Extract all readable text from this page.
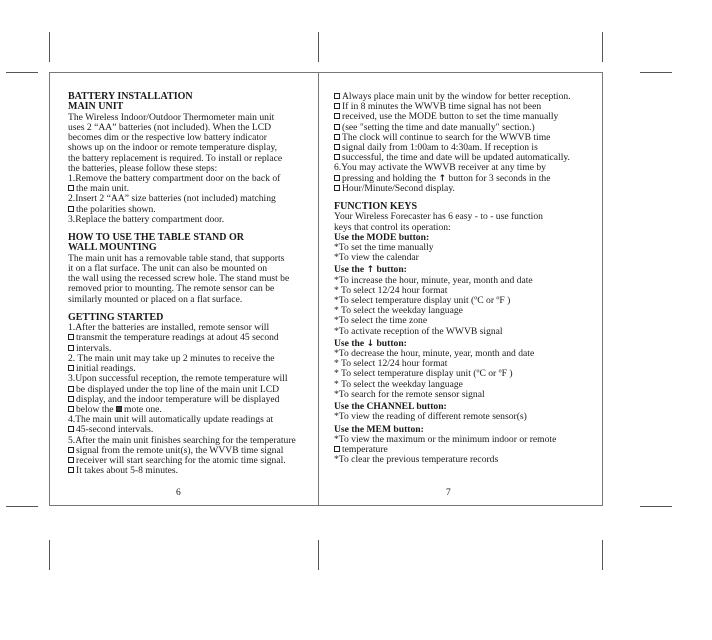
BATTERY INSTALLATION
MAIN UNIT
The Wireless Indoor/Outdoor Thermometer main unit
uses 2 “AA” batteries (not included). When the LCD
becomes dim or the respective low battery indicator
shows up on the indoor or remote temperature display,
the battery replacement is required. To install or replace
the batteries, please follow these steps:
1.Remove the battery compartment door on the back of
the main unit.
2.Insert 2 “AA” size batteries (not included) matching
the polarities shown.
3.Replace the battery compartment door.
HOW TO USE THE TABLE STAND OR
WALL MOUNTING
The main unit has a removable table stand, that supports
it on a flat surface. The unit can also be mounted on
the wall using the recessed screw hole. The stand must be
removed prior to mounting. The remote sensor can be
similarly mounted or placed on a flat surface.
GETTING STARTED
1.After the batteries are installed, remote sensor will
transmit the temperature readings at adout 45 second
intervals.
2. The main unit may take up 2 minutes to receive the
initial readings.
3.Upon successful reception, the remote temperature will
be displayed under the top line of the main unit LCD
display, and the indoor temperature will be displayed
below the mote one.
4.The main unit will automatically update readings at
45-second intervals.
5.After the main unit finishes searching for the temperature
signal from the remote unit(s), the WVVB time signal
receiver will start searching for the atomic time signal.
It takes about 5-8 minutes.
6
Always place main unit by the window for better reception.
If in 8 minutes the WWVB time signal has not been
received, use the MODE button to set the time manually
(see "setting the time and date manually" section.)
The clock will continue to search for the WWVB time
signal daily from 1:00am to 4:30am. If reception is
successful, the time and date will be updated automatically.
6.You may activate the WWVB receiver at any time by
pressing and holding the ↑ button for 3 seconds in the
Hour/Minute/Second display.
FUNCTION KEYS
Your Wireless Forecaster has 6 easy - to - use function
keys that control its operation:
Use the MODE button:
*To set the time manually
*To view the calendar
Use the ↑ button:
*To increase the hour, minute, year, month and date
* To select 12/24 hour format
*To select temperature display unit (ºC or ºF )
* To select the weekday language
*To select the time zone
*To activate reception of the WWVB signal
Use the ↓ button:
*To decrease the hour, minute, year, month and date
* To select 12/24 hour format
* To select temperature display unit (ºC or ºF )
* To select the weekday language
*To search for the remote sensor signal
Use the CHANNEL button:
*To view the reading of different remote sensor(s)
Use the MEM button:
*To view the maximum or the minimum indoor or remote
temperature
*To clear the previous temperature records
7
